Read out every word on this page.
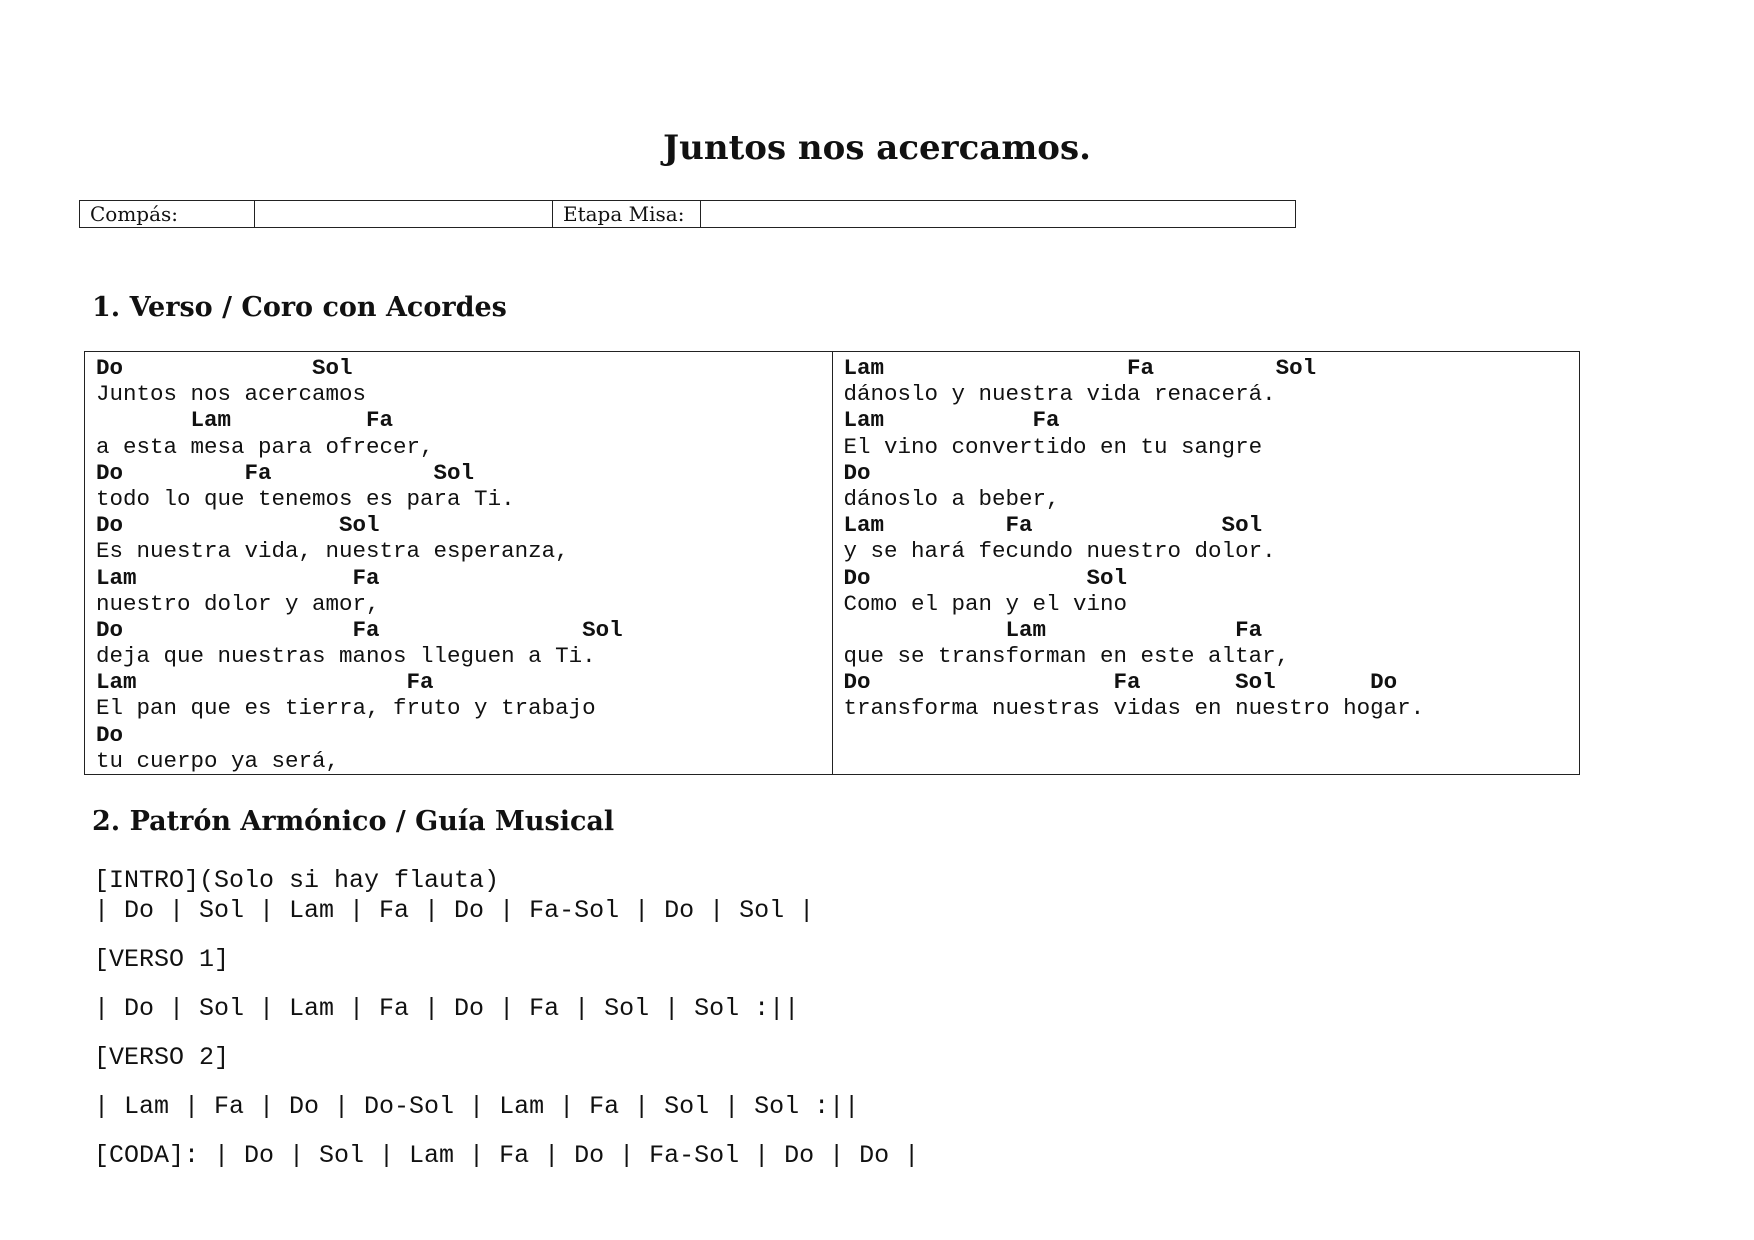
Juntos nos acercamos.
Compás:		Etapa Misa:	
1. Verso / Coro con Acordes
Do              Sol
Juntos nos acercamos
Lam          Fa
a esta mesa para ofrecer,
Do         Fa            Sol
todo lo que tenemos es para Ti.
Do                Sol
Es nuestra vida, nuestra esperanza,
Lam                Fa
nuestro dolor y amor,
Do                 Fa               Sol
deja que nuestras manos lleguen a Ti.
Lam                    Fa
El pan que es tierra, fruto y trabajo
Do
tu cuerpo ya será,
Lam                  Fa         Sol
dánoslo y nuestra vida renacerá.
Lam           Fa
El vino convertido en tu sangre
Do
dánoslo a beber,
Lam         Fa              Sol
y se hará fecundo nuestro dolor.
Do                Sol
Como el pan y el vino
Lam              Fa
que se transforman en este altar,
Do                  Fa       Sol       Do
transforma nuestras vidas en nuestro hogar.
2. Patrón Armónico / Guía Musical
[INTRO](Solo si hay flauta)
| Do | Sol | Lam | Fa | Do | Fa-Sol | Do | Sol |
[VERSO 1]
| Do | Sol | Lam | Fa | Do | Fa | Sol | Sol :||
[VERSO 2]
| Lam | Fa | Do | Do-Sol | Lam | Fa | Sol | Sol :||
[CODA]: | Do | Sol | Lam | Fa | Do | Fa-Sol | Do | Do |
